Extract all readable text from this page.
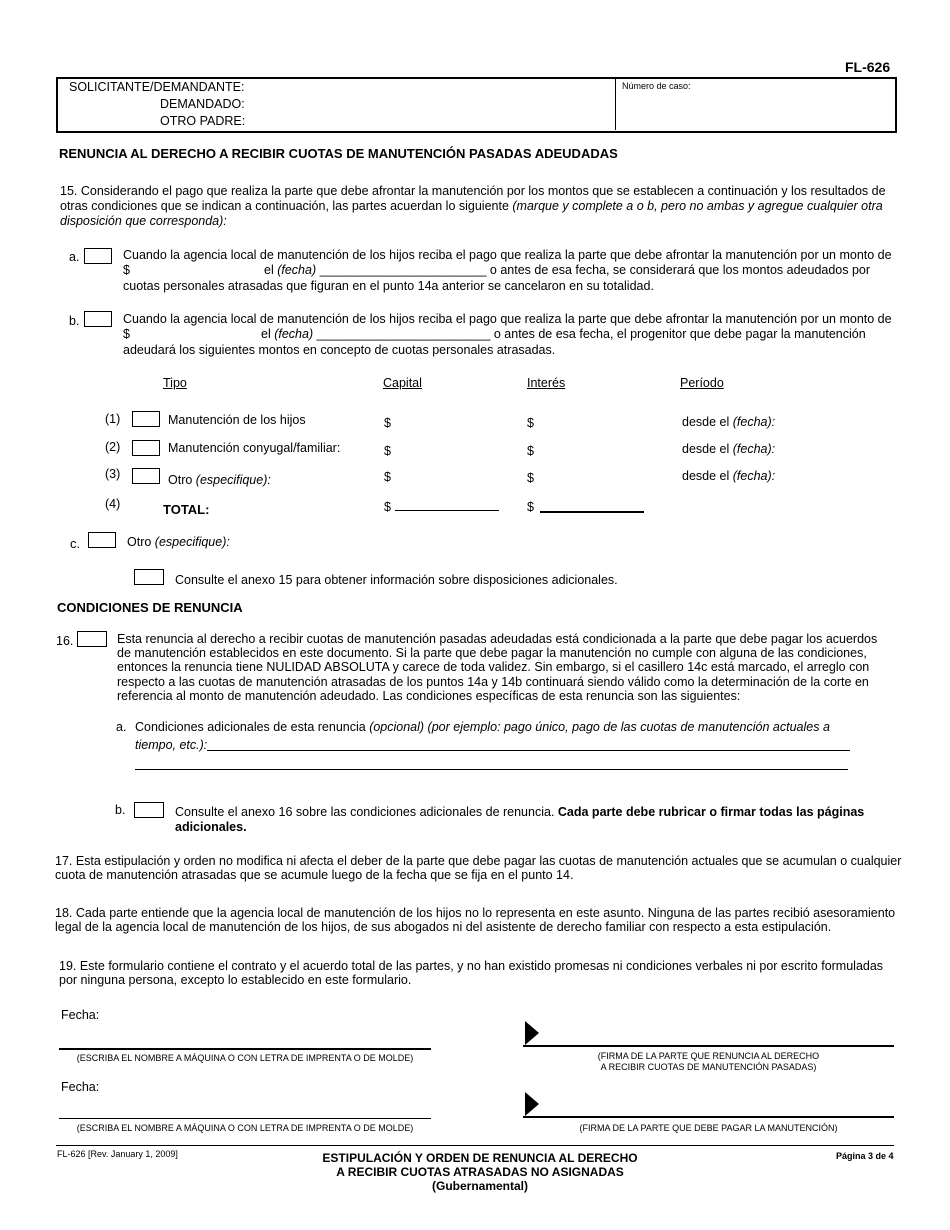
FL-626
SOLICITANTE/DEMANDANTE:
DEMANDADO:
OTRO PADRE:
Número de caso:
RENUNCIA AL DERECHO A RECIBIR CUOTAS DE MANUTENCIÓN PASADAS ADEUDADAS
15. Considerando el pago que realiza la parte que debe afrontar la manutención por los montos que se establecen a continuación y los resultados de
otras condiciones que se indican a continuación, las partes acuerdan lo siguiente (marque y complete a o b, pero no ambas y agregue cualquier otra
disposición que corresponda):
a.	Cuando la agencia local de manutención de los hijos reciba el pago que realiza la parte que debe afrontar la manutención por un monto de
$	el (fecha) ________________________ o antes de esa fecha, se considerará que los montos adeudados por
cuotas personales atrasadas que figuran en el punto 14a anterior se cancelaron en su totalidad.
b.	Cuando la agencia local de manutención de los hijos reciba el pago que realiza la parte que debe afrontar la manutención por un monto de
$	el (fecha) _________________________ o antes de esa fecha, el progenitor que debe pagar la manutención
adeudará los siguientes montos en concepto de cuotas personales atrasadas.
Tipo	Capital	Interés	Período
(1)	Manutención de los hijos	$	$	desde el (fecha):
(2)	Manutención conyugal/familiar:	$	$	desde el (fecha):
(3)	Otro (especifique):	$	$	desde el (fecha):
(4)	TOTAL:	$	$
c.	Otro (especifique):
Consulte el anexo 15 para obtener información sobre disposiciones adicionales.
CONDICIONES DE RENUNCIA
16.	Esta renuncia al derecho a recibir cuotas de manutención pasadas adeudadas está condicionada a la parte que debe pagar los acuerdos
de manutención establecidos en este documento. Si la parte que debe pagar la manutención no cumple con alguna de las condiciones,
entonces la renuncia tiene NULIDAD ABSOLUTA y carece de toda validez. Sin embargo, si el casillero 14c está marcado, el arreglo con
respecto a las cuotas de manutención atrasadas de los puntos 14a y 14b continuará siendo válido como la determinación de la corte en
referencia al monto de manutención adeudado. Las condiciones específicas de esta renuncia son las siguientes:
a. Condiciones adicionales de esta renuncia (opcional) (por ejemplo: pago único, pago de las cuotas de manutención actuales a
tiempo, etc.):
b.	Consulte el anexo 16 sobre las condiciones adicionales de renuncia. Cada parte debe rubricar o firmar todas las páginas
adicionales.
17. Esta estipulación y orden no modifica ni afecta el deber de la parte que debe pagar las cuotas de manutención actuales que se acumulan o cualquier
cuota de manutención atrasadas que se acumule luego de la fecha que se fija en el punto 14.
18. Cada parte entiende que la agencia local de manutención de los hijos no lo representa en este asunto. Ninguna de las partes recibió asesoramiento
legal de la agencia local de manutención de los hijos, de sus abogados ni del asistente de derecho familiar con respecto a esta estipulación.
19. Este formulario contiene el contrato y el acuerdo total de las partes, y no han existido promesas ni condiciones verbales ni por escrito formuladas
por ninguna persona, excepto lo establecido en este formulario.
Fecha:
(ESCRIBA EL NOMBRE A MÁQUINA O CON LETRA DE IMPRENTA O DE MOLDE)	(FIRMA DE LA PARTE QUE RENUNCIA AL DERECHO
A RECIBIR CUOTAS DE MANUTENCIÓN PASADAS)
Fecha:
(ESCRIBA EL NOMBRE A MÁQUINA O CON LETRA DE IMPRENTA O DE MOLDE)	(FIRMA DE LA PARTE QUE DEBE PAGAR LA MANUTENCIÓN)
FL-626 [Rev. January 1, 2009]	ESTIPULACIÓN Y ORDEN DE RENUNCIA AL DERECHO
A RECIBIR CUOTAS ATRASADAS NO ASIGNADAS
(Gubernamental)
Página 3 de 4
